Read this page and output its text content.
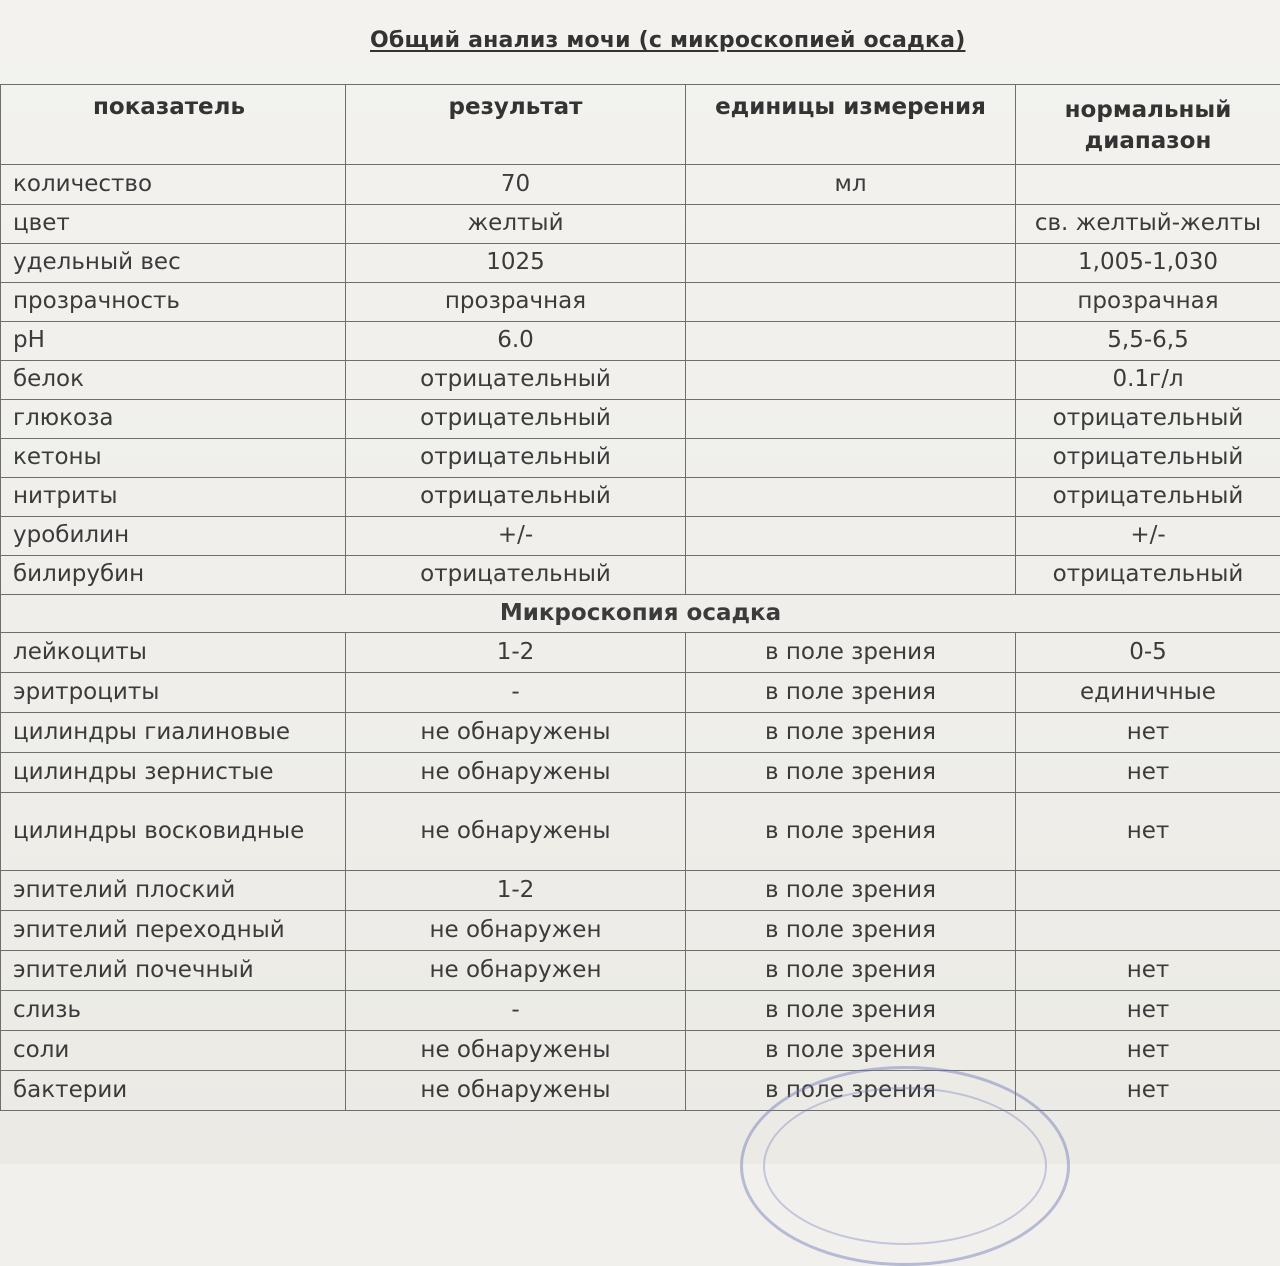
Общий анализ мочи (с микроскопией осадка)
показатель	результат	единицы измерения	нормальный диапазон
количество	70	мл	
цвет	желтый		св. желтый-желты
удельный вес	1025		1,005-1,030
прозрачность	прозрачная		прозрачная
pH	6.0		5,5-6,5
белок	отрицательный		0.1г/л
глюкоза	отрицательный		отрицательный
кетоны	отрицательный		отрицательный
нитриты	отрицательный		отрицательный
уробилин	+/-		+/-
билирубин	отрицательный		отрицательный
Микроскопия осадка			
лейкоциты	1-2	в поле зрения	0-5
эритроциты	-	в поле зрения	единичные
цилиндры гиалиновые	не обнаружены	в поле зрения	нет
цилиндры зернистые	не обнаружены	в поле зрения	нет
цилиндры восковидные	не обнаружены	в поле зрения	нет
эпителий плоский	1-2	в поле зрения	
эпителий переходный	не обнаружен	в поле зрения	
эпителий почечный	не обнаружен	в поле зрения	нет
слизь	-	в поле зрения	нет
соли	не обнаружены	в поле зрения	нет
бактерии	не обнаружены	в поле зрения	нет
